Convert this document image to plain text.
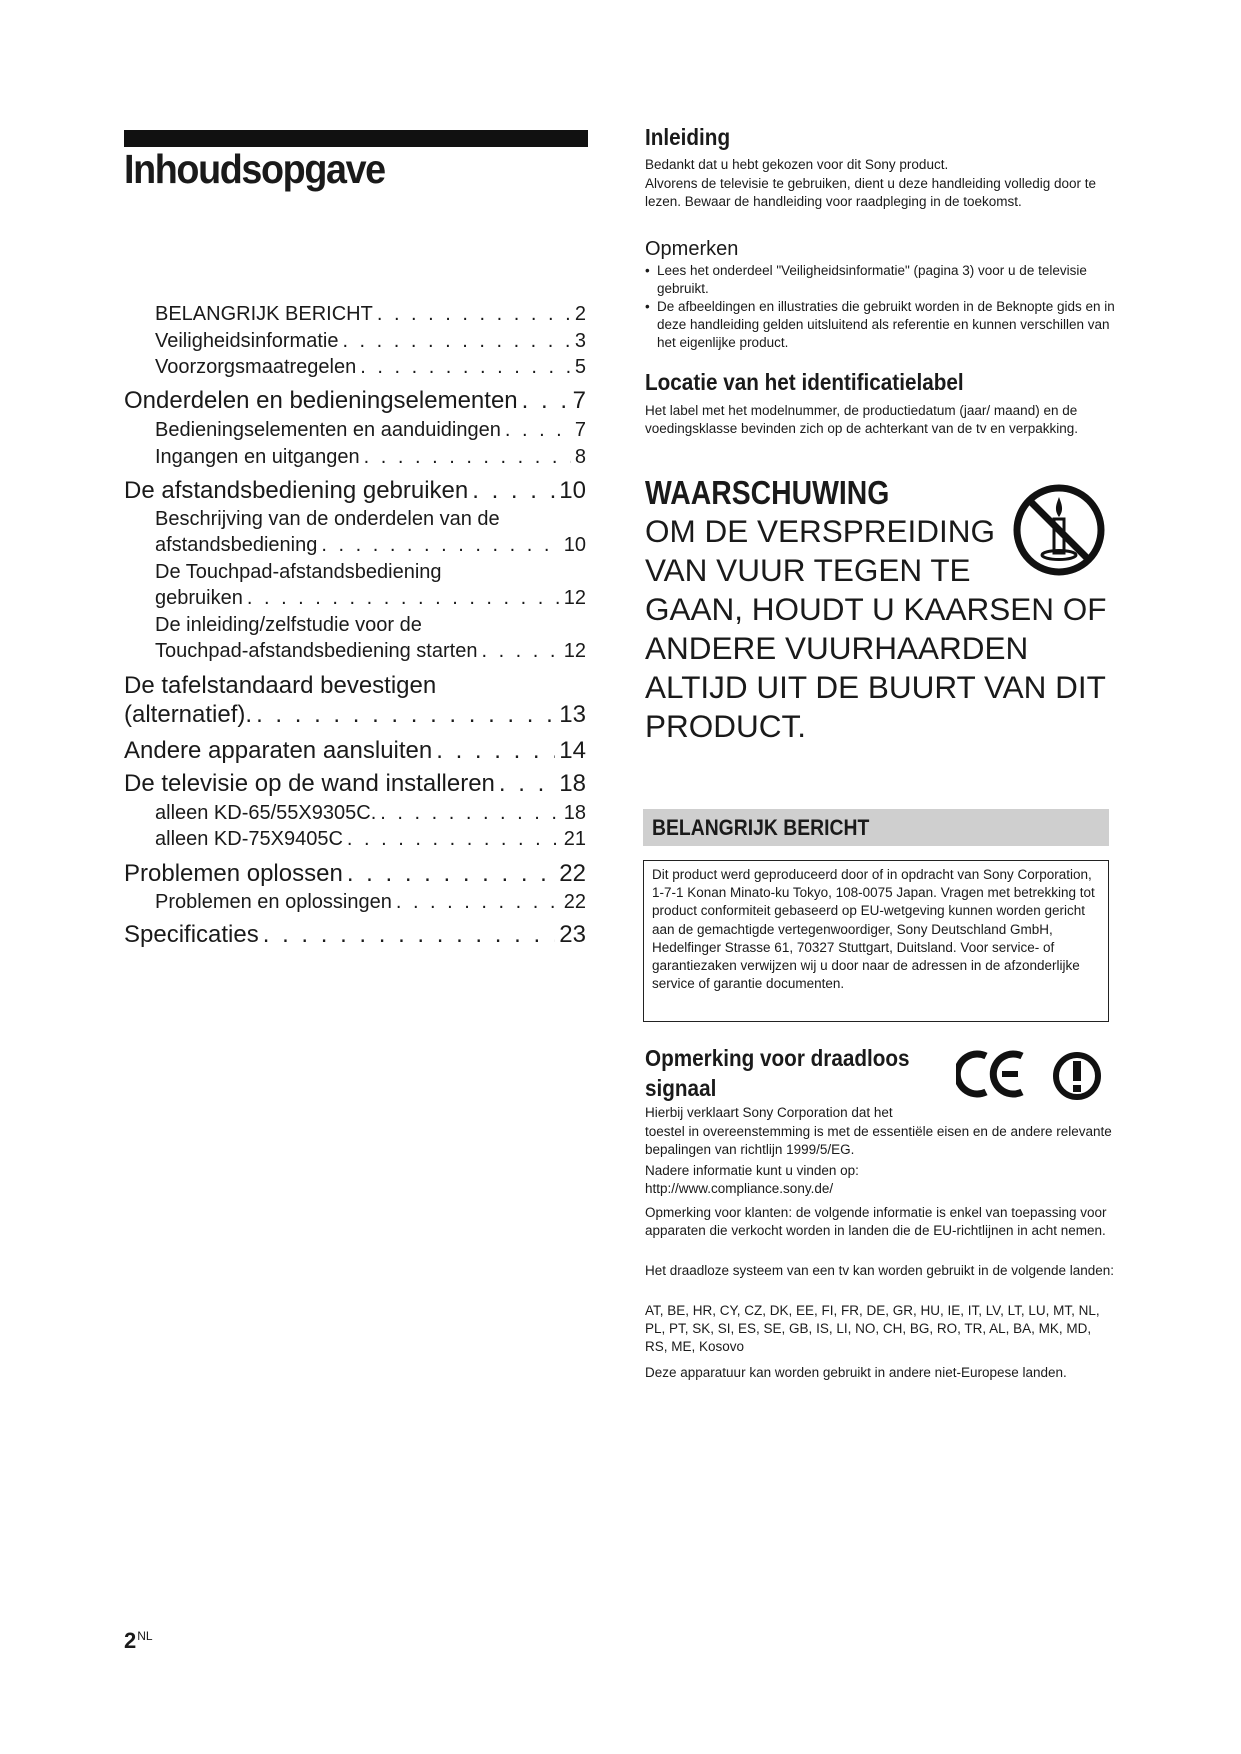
Inhoudsopgave
BELANGRIJK BERICHT . . .	2
Veiligheidsinformatie . . .	3
Voorzorgsmaatregelen . . .	5
Onderdelen en bedieningselementen . . . 7
Bedieningselementen en aanduidingen . . .	7
Ingangen en uitgangen . . .	8
De afstandsbediening gebruiken . . .	10
Beschrijving van de onderdelen van de
afstandsbediening . . .	10
De Touchpad-afstandsbediening
gebruiken . . .	12
De inleiding/zelfstudie voor de
Touchpad-afstandsbediening starten . . .	12
De tafelstandaard bevestigen
(alternatief). . . .	13
Andere apparaten aansluiten . . .	14
De televisie op de wand installeren . . .	18
alleen KD-65/55X9305C. . . .	18
alleen KD-75X9405C . . .	21
Problemen oplossen . . .	22
Problemen en oplossingen . . .	22
Specificaties . . .	23
Inleiding
Bedankt dat u hebt gekozen voor dit Sony product.
Alvorens de televisie te gebruiken, dient u deze handleiding volledig door te lezen. Bewaar de handleiding voor raadpleging in de toekomst.
Opmerken
• Lees het onderdeel "Veiligheidsinformatie" (pagina 3) voor u de televisie gebruikt.
• De afbeeldingen en illustraties die gebruikt worden in de Beknopte gids en in deze handleiding gelden uitsluitend als referentie en kunnen verschillen van het eigenlijke product.
Locatie van het identificatielabel
Het label met het modelnummer, de productiedatum (jaar/ maand) en de voedingsklasse bevinden zich op de achterkant van de tv en verpakking.
WAARSCHUWING
OM DE VERSPREIDING
VAN VUUR TEGEN TE
GAAN, HOUDT U KAARSEN OF
ANDERE VUURHAARDEN
ALTIJD UIT DE BUURT VAN DIT
PRODUCT.
BELANGRIJK BERICHT
Dit product werd geproduceerd door of in opdracht van Sony Corporation, 1-7-1 Konan Minato-ku Tokyo, 108-0075 Japan. Vragen met betrekking tot product conformiteit gebaseerd op EU-wetgeving kunnen worden gericht aan de gemachtigde vertegenwoordiger, Sony Deutschland GmbH, Hedelfinger Strasse 61, 70327 Stuttgart, Duitsland. Voor service- of garantiezaken verwijzen wij u door naar de adressen in de afzonderlijke service of garantie documenten.
Opmerking voor draadloos
signaal
Hierbij verklaart Sony Corporation dat het
toestel in overeenstemming is met de essentiële eisen en de andere relevante bepalingen van richtlijn 1999/5/EG.
Nadere informatie kunt u vinden op:
http://www.compliance.sony.de/
Opmerking voor klanten: de volgende informatie is enkel van toepassing voor apparaten die verkocht worden in landen die de EU-richtlijnen in acht nemen.
Het draadloze systeem van een tv kan worden gebruikt in de volgende landen:
AT, BE, HR, CY, CZ, DK, EE, FI, FR, DE, GR, HU, IE, IT, LV, LT, LU, MT, NL, PL, PT, SK, SI, ES, SE, GB, IS, LI, NO, CH, BG, RO, TR, AL, BA, MK, MD, RS, ME, Kosovo
Deze apparatuur kan worden gebruikt in andere niet-Europese landen.
$2^{NL}$
